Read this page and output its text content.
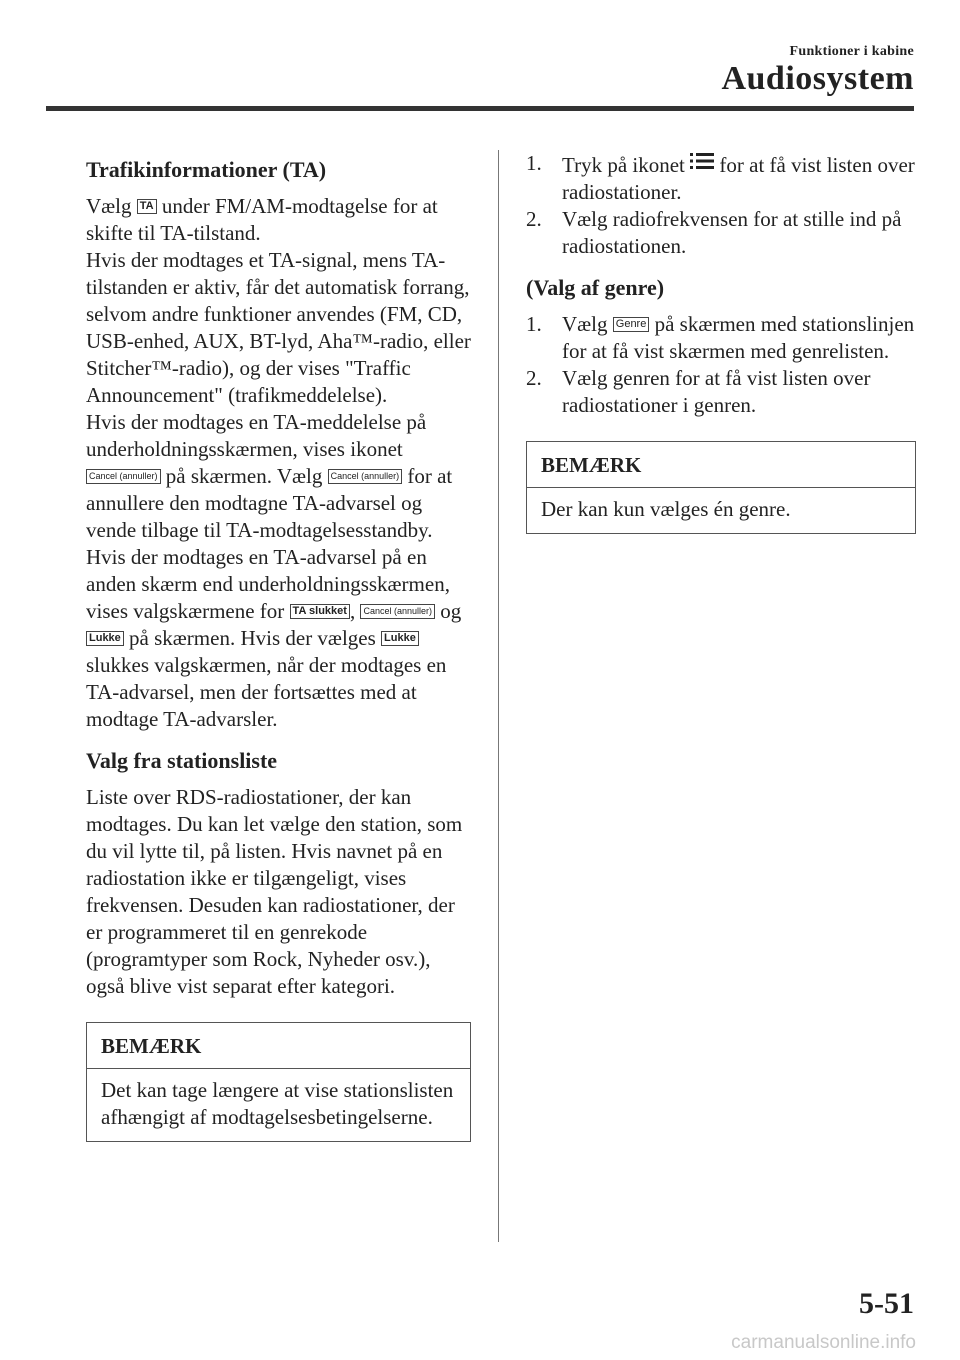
Funktioner i kabine
Audiosystem
Trafikinformationer (TA)

Vælg TA under FM/AM-modtagelse for at skifte til TA-tilstand.

Hvis der modtages et TA-signal, mens TA-tilstanden er aktiv, får det automatisk forrang, selvom andre funktioner anvendes (FM, CD, USB-enhed, AUX, BT-lyd, Aha™-radio, eller Stitcher™-radio), og der vises "Traffic Announcement" (trafikmeddelelse).

Hvis der modtages en TA-meddelelse på underholdningsskærmen, vises ikonet Cancel (annuller) på skærmen. Vælg Cancel (annuller) for at annullere den modtagne TA-advarsel og vende tilbage til TA-modtagelsesstandby.

Hvis der modtages en TA-advarsel på en anden skærm end underholdningsskærmen, vises valgskærmene for TA slukket , Cancel (annuller) og Lukke på skærmen. Hvis der vælges Lukke slukkes valgskærmen, når der modtages en TA-advarsel, men der fortsættes med at modtage TA-advarsler.

Valg fra stationsliste

Liste over RDS-radiostationer, der kan modtages. Du kan let vælge den station, som du vil lytte til, på listen. Hvis navnet på en radiostation ikke er tilgængeligt, vises frekvensen. Desuden kan radiostationer, der er programmeret til en genrekode (programtyper som Rock, Nyheder osv.), også blive vist separat efter kategori.

BEMÆRK
Det kan tage længere at vise stationslisten afhængigt af modtagelsesbetingelserne.
1. Tryk på ikonet for at få vist listen over radiostationer.
2. Vælg radiofrekvensen for at stille ind på radiostationen.
(Valg af genre)
1. Vælg Genre på skærmen med stationslinjen for at få vist skærmen med genrelisten.
2. Vælg genren for at få vist listen over radiostationer i genren.
BEMÆRK
Der kan kun vælges én genre.
5-51
carmanualsonline.info
